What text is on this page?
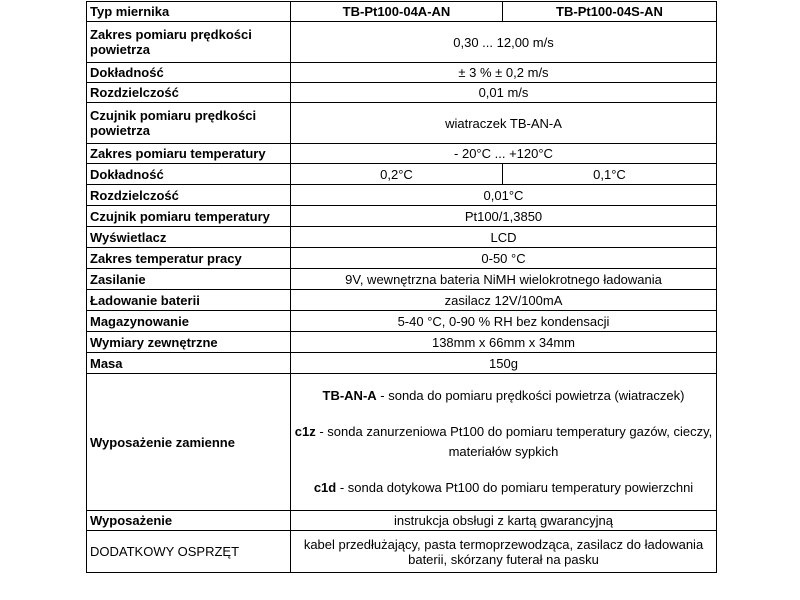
Typ miernika	TB-Pt100-04A-AN	TB-Pt100-04S-AN
Zakres pomiaru prędkości powietrza	0,30 ... 12,00 m/s	
Dokładność	± 3 % ± 0,2 m/s	
Rozdzielczość	0,01 m/s	
Czujnik pomiaru prędkości powietrza	wiatraczek TB-AN-A	
Zakres pomiaru temperatury	- 20°C ... +120°C	
Dokładność	0,2°C	0,1°C
Rozdzielczość	0,01°C	
Czujnik pomiaru temperatury	Pt100/1,3850	
Wyświetlacz	LCD	
Zakres temperatur pracy	0-50 °C	
Zasilanie	9V, wewnętrzna bateria NiMH wielokrotnego ładowania	
Ładowanie baterii	zasilacz 12V/100mA	
Magazynowanie	5-40 °C, 0-90 % RH bez kondensacji	
Wymiary zewnętrzne	138mm x 66mm x 34mm	
Masa	150g	
Wyposażenie zamienne	TB-AN-A - sonda do pomiaru prędkości powietrza (wiatraczek)

c1z - sonda zanurzeniowa Pt100 do pomiaru temperatury gazów, cieczy, materiałów sypkich

c1d - sonda dotykowa Pt100 do pomiaru temperatury powierzchni	

Wyposażenie	instrukcja obsługi z kartą gwarancyjną	
DODATKOWY OSPRZĘT	kabel przedłużający, pasta termoprzewodząca, zasilacz do ładowania baterii, skórzany futerał na pasku	
